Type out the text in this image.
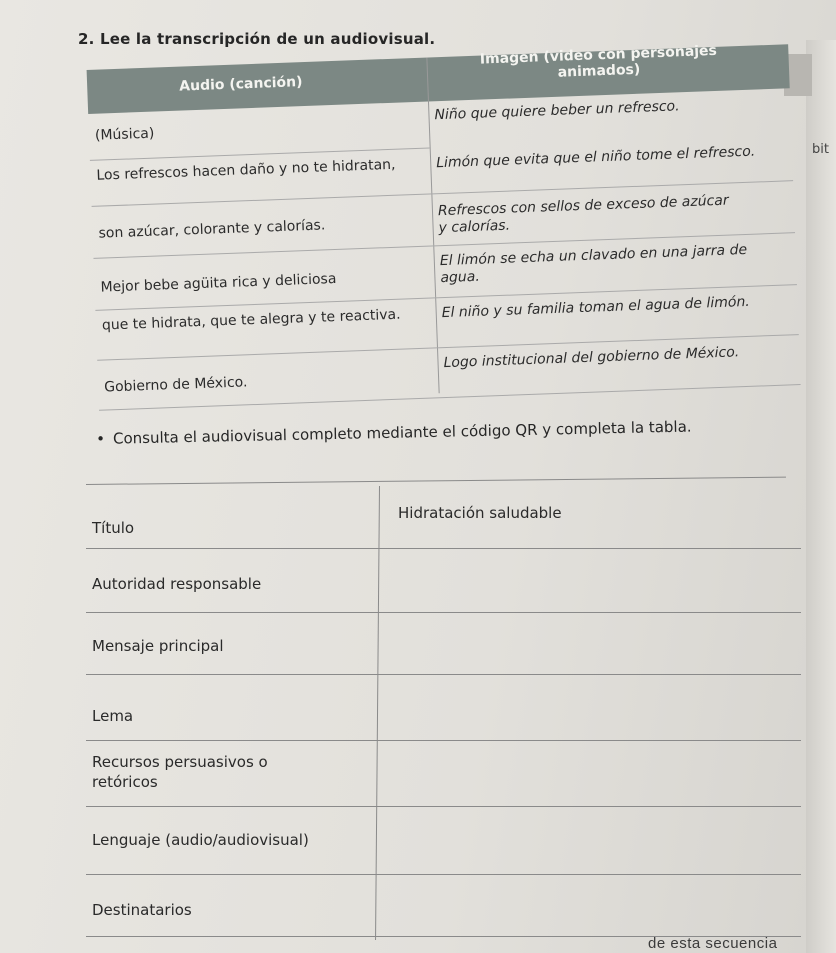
bit
2. Lee la transcripción de un audiovisual.
Audio (canción)
Imagen (video con personajes animados)
(Música)
Niño que quiere beber un refresco.
Los refrescos hacen daño y no te hidratan,	Limón que evita que el niño tome el refresco.
son azúcar, colorante y calorías.
Refrescos con sellos de exceso de azúcar y calorías.
Mejor bebe agüita rica y deliciosa
El limón se echa un clavado en una jarra de agua.
que te hidrata, que te alegra y te reactiva.	El niño y su familia toman el agua de limón.
Gobierno de México.
Logo institucional del gobierno de México.
• Consulta el audiovisual completo mediante el código QR y completa la tabla.
Título
Hidratación saludable
Autoridad responsable
Mensaje principal
Lema
Recursos persuasivos o retóricos
Lenguaje (audio/audiovisual)
Destinatarios
de esta secuencia
